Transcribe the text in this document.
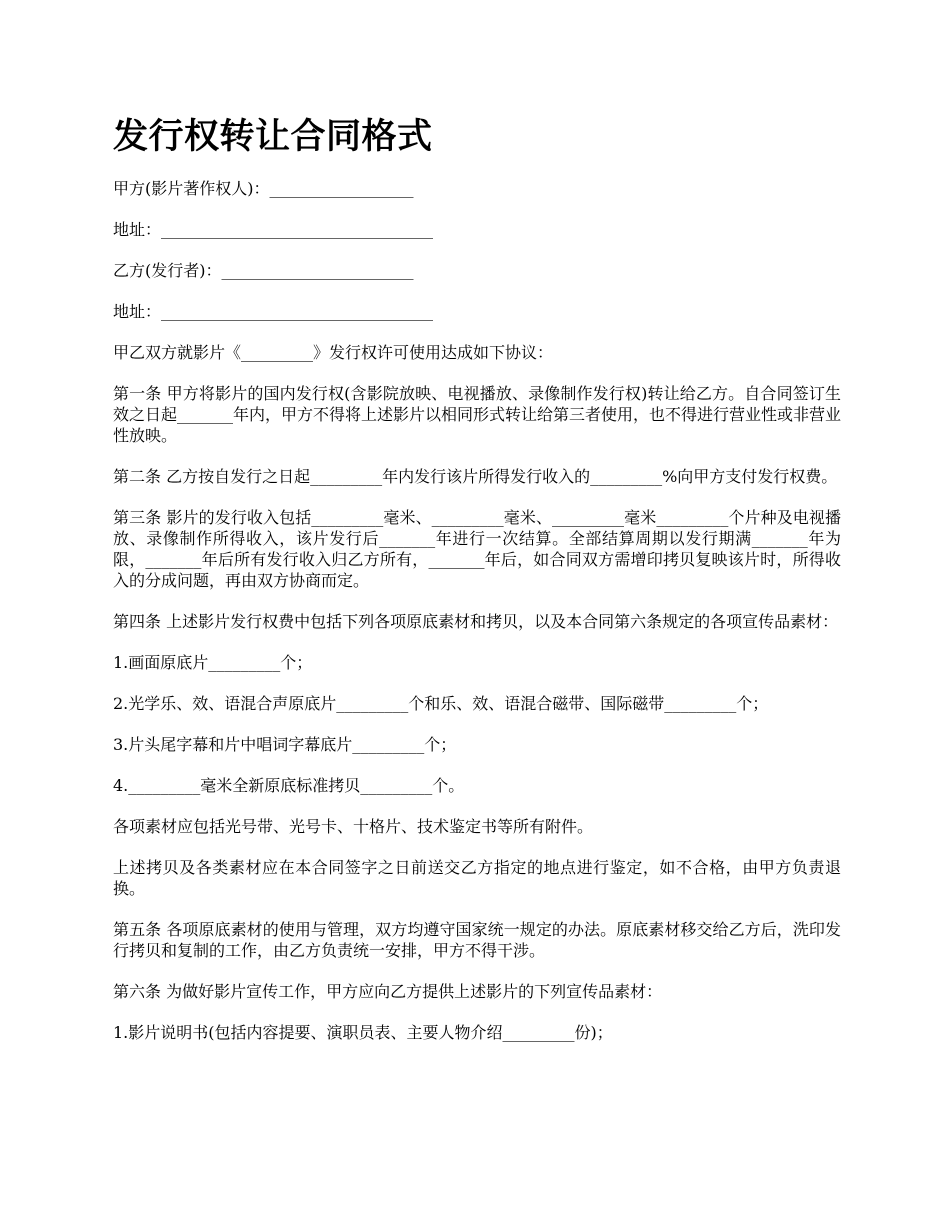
发行权转让合同格式

甲方(影片著作权人)：__________________

地址：__________________________________

乙方(发行者)：________________________

地址：__________________________________

甲乙双方就影片《_________》发行权许可使用达成如下协议：

第一条 甲方将影片的国内发行权(含影院放映、电视播放、录像制作发行权)转让给乙方。自合同签订生效之日起_______年内，甲方不得将上述影片以相同形式转让给第三者使用，也不得进行营业性或非营业性放映。

第二条 乙方按自发行之日起_________年内发行该片所得发行收入的_________%向甲方支付发行权费。

第三条 影片的发行收入包括_________毫米、_________毫米、_________毫米_________个片种及电视播放、录像制作所得收入，该片发行后_______年进行一次结算。全部结算周期以发行期满_______年为限，_______年后所有发行收入归乙方所有，_______年后，如合同双方需增印拷贝复映该片时，所得收入的分成问题，再由双方协商而定。

第四条 上述影片发行权费中包括下列各项原底素材和拷贝，以及本合同第六条规定的各项宣传品素材：

1.画面原底片_________个；

2.光学乐、效、语混合声原底片_________个和乐、效、语混合磁带、国际磁带_________个；

3.片头尾字幕和片中唱词字幕底片_________个；

4._________毫米全新原底标准拷贝_________个。

各项素材应包括光号带、光号卡、十格片、技术鉴定书等所有附件。

上述拷贝及各类素材应在本合同签字之日前送交乙方指定的地点进行鉴定，如不合格，由甲方负责退换。

第五条 各项原底素材的使用与管理，双方均遵守国家统一规定的办法。原底素材移交给乙方后，洗印发行拷贝和复制的工作，由乙方负责统一安排，甲方不得干涉。

第六条 为做好影片宣传工作，甲方应向乙方提供上述影片的下列宣传品素材：

1.影片说明书(包括内容提要、演职员表、主要人物介绍_________份)；
